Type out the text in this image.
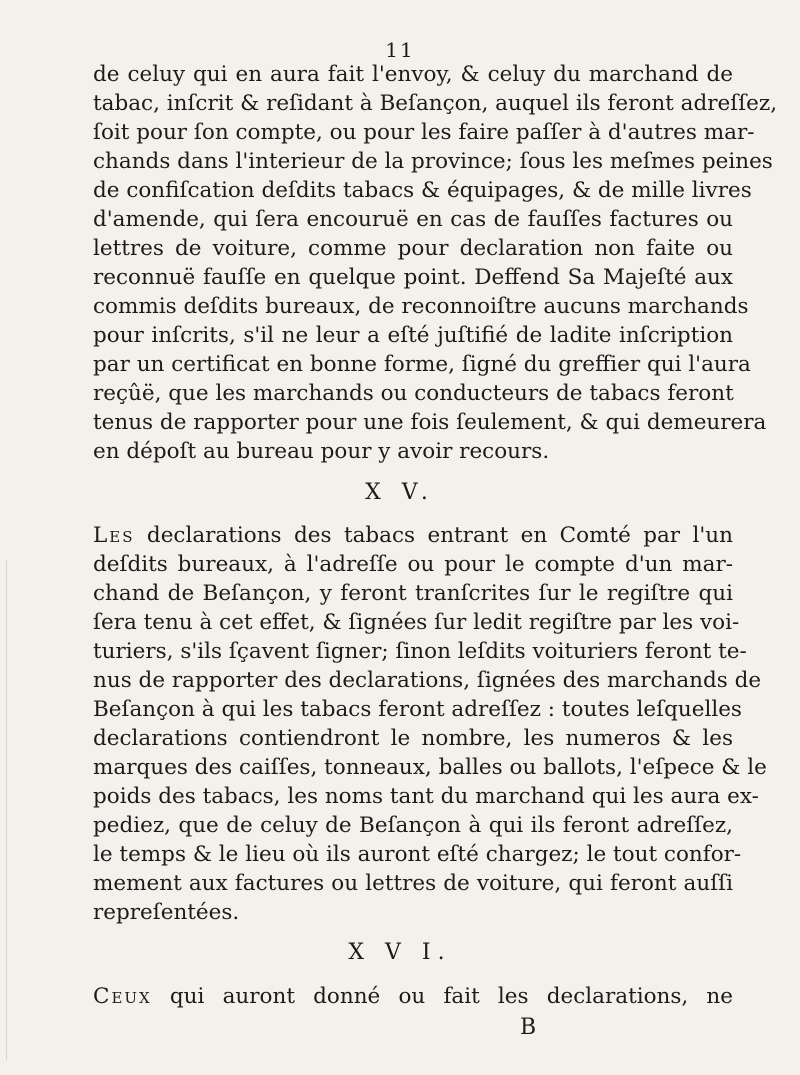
11
de celuy qui en aura fait l'envoy, & celuy du marchand de
tabac, inſcrit & reſidant à Beſançon, auquel ils feront adreſſez,
ſoit pour ſon compte, ou pour les faire paſſer à d'autres mar-
chands dans l'interieur de la province; ſous les meſmes peines
de confiſcation deſdits tabacs & équipages, & de mille livres
d'amende, qui ſera encouruë en cas de fauſſes factures ou
lettres de voiture, comme pour declaration non faite ou
reconnuë fauſſe en quelque point. Deffend Sa Majeſté aux
commis deſdits bureaux, de reconnoiſtre aucuns marchands
pour inſcrits, s'il ne leur a eſté juſtifié de ladite inſcription
par un certificat en bonne forme, ſigné du greffier qui l'aura
reçûë, que les marchands ou conducteurs de tabacs feront
tenus de rapporter pour une fois ſeulement, & qui demeurera
en dépoſt au bureau pour y avoir recours.
X V.
Les declarations des tabacs entrant en Comté par l'un
deſdits bureaux, à l'adreſſe ou pour le compte d'un mar-
chand de Beſançon, y feront tranſcrites ſur le regiſtre qui
ſera tenu à cet effet, & ſignées ſur ledit regiſtre par les voi-
turiers, s'ils ſçavent ſigner; ſinon leſdits voituriers feront te-
nus de rapporter des declarations, ſignées des marchands de
Beſançon à qui les tabacs feront adreſſez : toutes leſquelles
declarations contiendront le nombre, les numeros & les
marques des caiſſes, tonneaux, balles ou ballots, l'eſpece & le
poids des tabacs, les noms tant du marchand qui les aura ex-
pediez, que de celuy de Beſançon à qui ils feront adreſſez,
le temps & le lieu où ils auront eſté chargez; le tout confor-
mement aux factures ou lettres de voiture, qui feront auſſi
repreſentées.
X V I.
Ceux qui auront donné ou fait les declarations, ne
B
